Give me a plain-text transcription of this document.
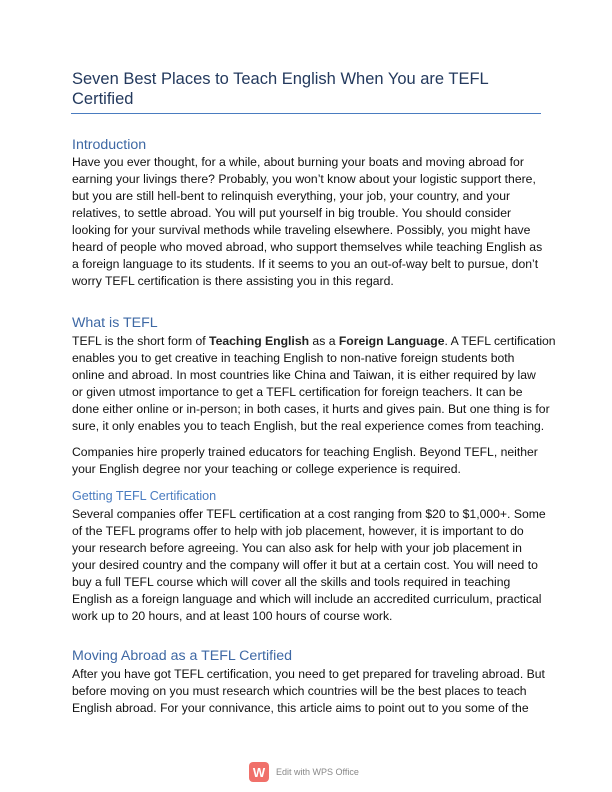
Seven Best Places to Teach English When You are TEFL
Certified
Introduction
Have you ever thought, for a while, about burning your boats and moving abroad for
earning your livings there? Probably, you won’t know about your logistic support there,
but you are still hell-bent to relinquish everything, your job, your country, and your
relatives, to settle abroad. You will put yourself in big trouble. You should consider
looking for your survival methods while traveling elsewhere. Possibly, you might have
heard of people who moved abroad, who support themselves while teaching English as
a foreign language to its students. If it seems to you an out-of-way belt to pursue, don’t
worry TEFL certification is there assisting you in this regard.
What is TEFL
TEFL is the short form of Teaching English as a Foreign Language. A TEFL certification
enables you to get creative in teaching English to non-native foreign students both
online and abroad. In most countries like China and Taiwan, it is either required by law
or given utmost importance to get a TEFL certification for foreign teachers. It can be
done either online or in-person; in both cases, it hurts and gives pain. But one thing is for
sure, it only enables you to teach English, but the real experience comes from teaching.
Companies hire properly trained educators for teaching English. Beyond TEFL, neither
your English degree nor your teaching or college experience is required.
Getting TEFL Certification
Several companies offer TEFL certification at a cost ranging from $20 to $1,000+. Some
of the TEFL programs offer to help with job placement, however, it is important to do
your research before agreeing. You can also ask for help with your job placement in
your desired country and the company will offer it but at a certain cost. You will need to
buy a full TEFL course which will cover all the skills and tools required in teaching
English as a foreign language and which will include an accredited curriculum, practical
work up to 20 hours, and at least 100 hours of course work.
Moving Abroad as a TEFL Certified
After you have got TEFL certification, you need to get prepared for traveling abroad. But
before moving on you must research which countries will be the best places to teach
English abroad. For your connivance, this article aims to point out to you some of the
W	Edit with WPS Office
